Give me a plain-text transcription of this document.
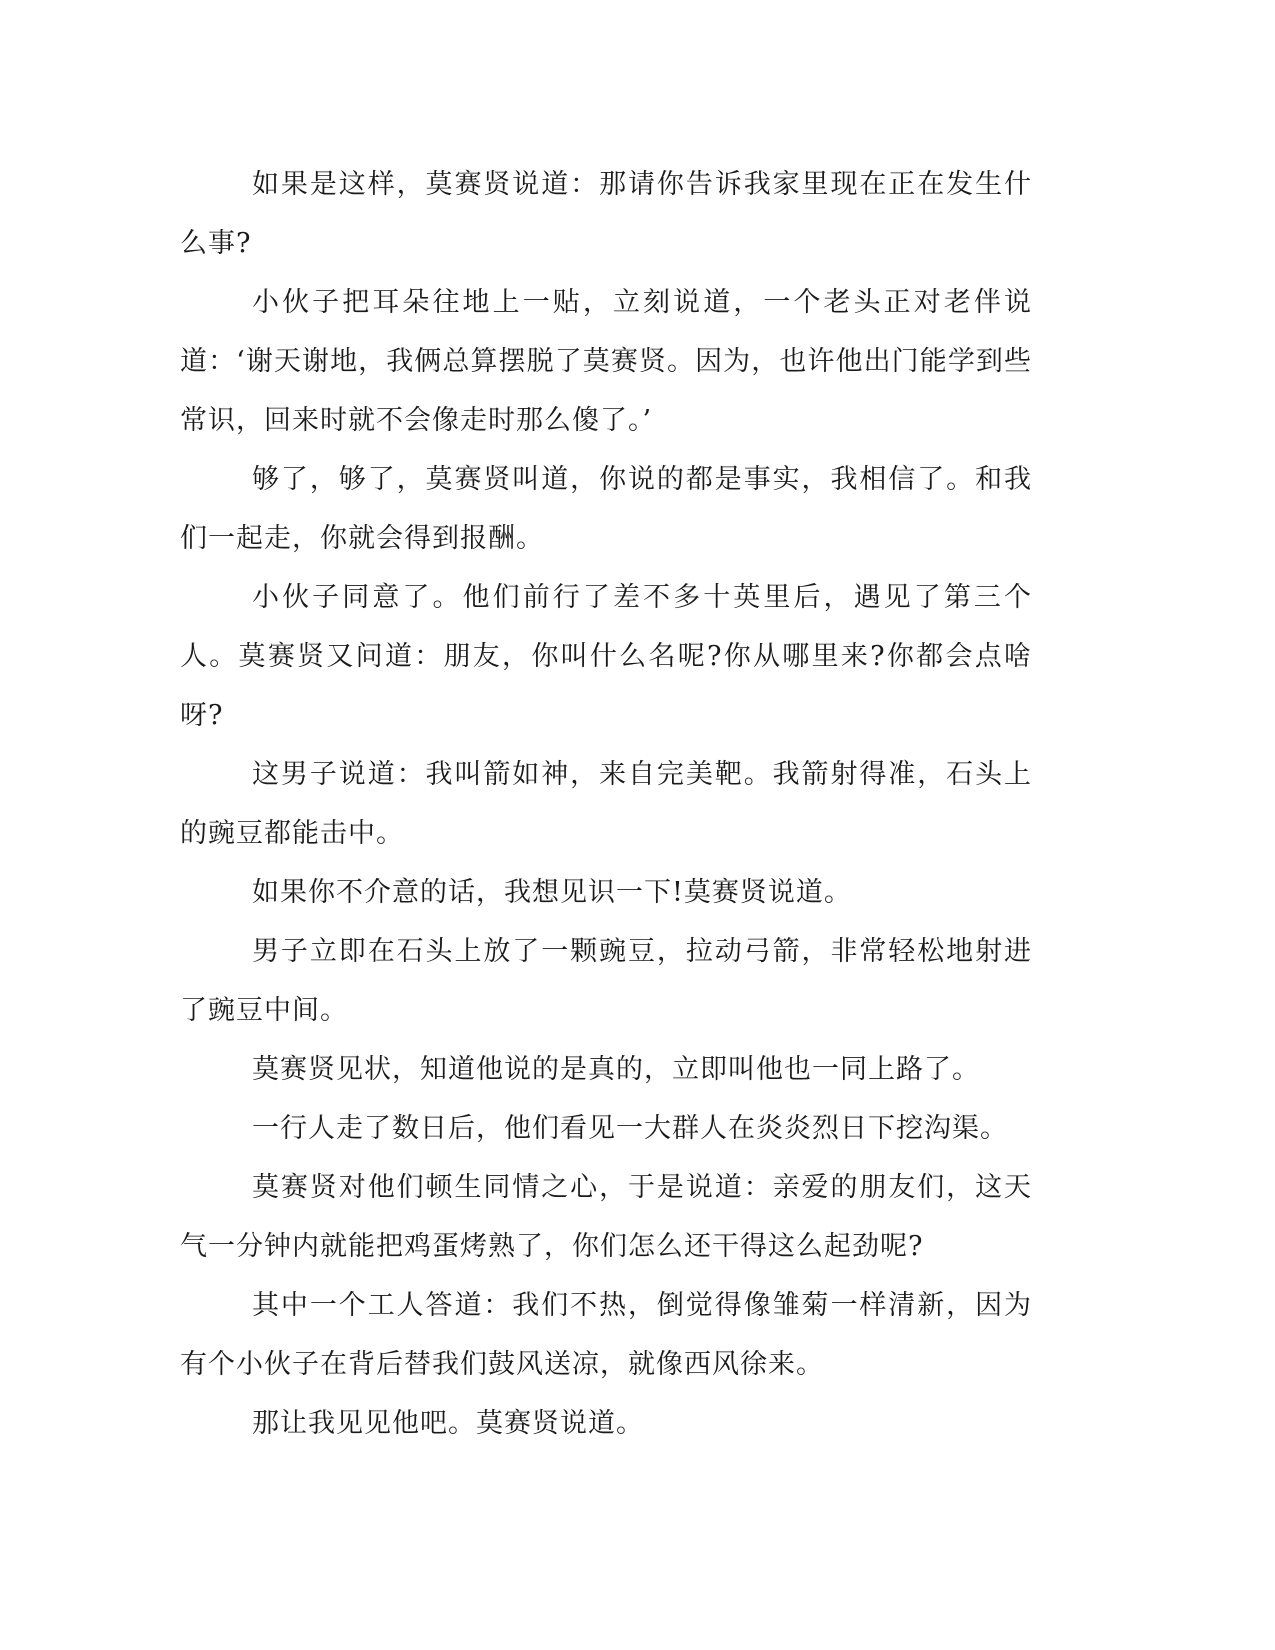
如果是这样，莫赛贤说道：那请你告诉我家里现在正在发生什么事?

小伙子把耳朵往地上一贴，立刻说道，一个老头正对老伴说道：‘谢天谢地，我俩总算摆脱了莫赛贤。因为，也许他出门能学到些常识，回来时就不会像走时那么傻了。’

够了，够了，莫赛贤叫道，你说的都是事实，我相信了。和我们一起走，你就会得到报酬。

小伙子同意了。他们前行了差不多十英里后，遇见了第三个人。莫赛贤又问道：朋友，你叫什么名呢?你从哪里来?你都会点啥呀?

这男子说道：我叫箭如神，来自完美靶。我箭射得准，石头上的豌豆都能击中。

如果你不介意的话，我想见识一下!莫赛贤说道。

男子立即在石头上放了一颗豌豆，拉动弓箭，非常轻松地射进了豌豆中间。

莫赛贤见状，知道他说的是真的，立即叫他也一同上路了。

一行人走了数日后，他们看见一大群人在炎炎烈日下挖沟渠。

莫赛贤对他们顿生同情之心，于是说道：亲爱的朋友们，这天气一分钟内就能把鸡蛋烤熟了，你们怎么还干得这么起劲呢?

其中一个工人答道：我们不热，倒觉得像雏菊一样清新，因为有个小伙子在背后替我们鼓风送凉，就像西风徐来。

那让我见见他吧。莫赛贤说道。
